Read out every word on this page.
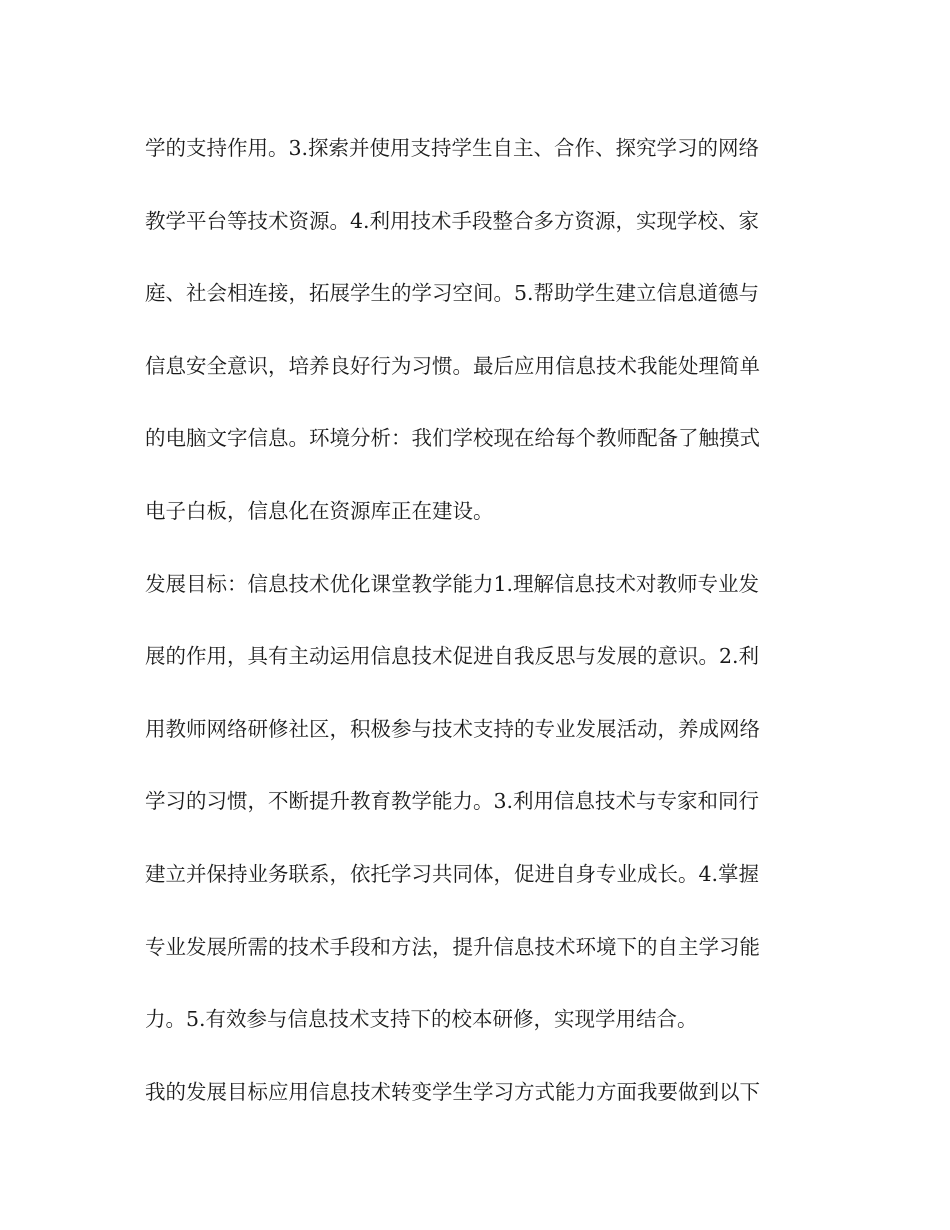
学的支持作用。3.探索并使用支持学生自主、合作、探究学习的网络
教学平台等技术资源。4.利用技术手段整合多方资源，实现学校、家
庭、社会相连接，拓展学生的学习空间。5.帮助学生建立信息道德与
信息安全意识，培养良好行为习惯。最后应用信息技术我能处理简单
的电脑文字信息。环境分析：我们学校现在给每个教师配备了触摸式
电子白板，信息化在资源库正在建设。
发展目标：信息技术优化课堂教学能力1.理解信息技术对教师专业发
展的作用，具有主动运用信息技术促进自我反思与发展的意识。2.利
用教师网络研修社区，积极参与技术支持的专业发展活动，养成网络
学习的习惯，不断提升教育教学能力。3.利用信息技术与专家和同行
建立并保持业务联系，依托学习共同体，促进自身专业成长。4.掌握
专业发展所需的技术手段和方法，提升信息技术环境下的自主学习能
力。5.有效参与信息技术支持下的校本研修，实现学用结合。
我的发展目标应用信息技术转变学生学习方式能力方面我要做到以下
